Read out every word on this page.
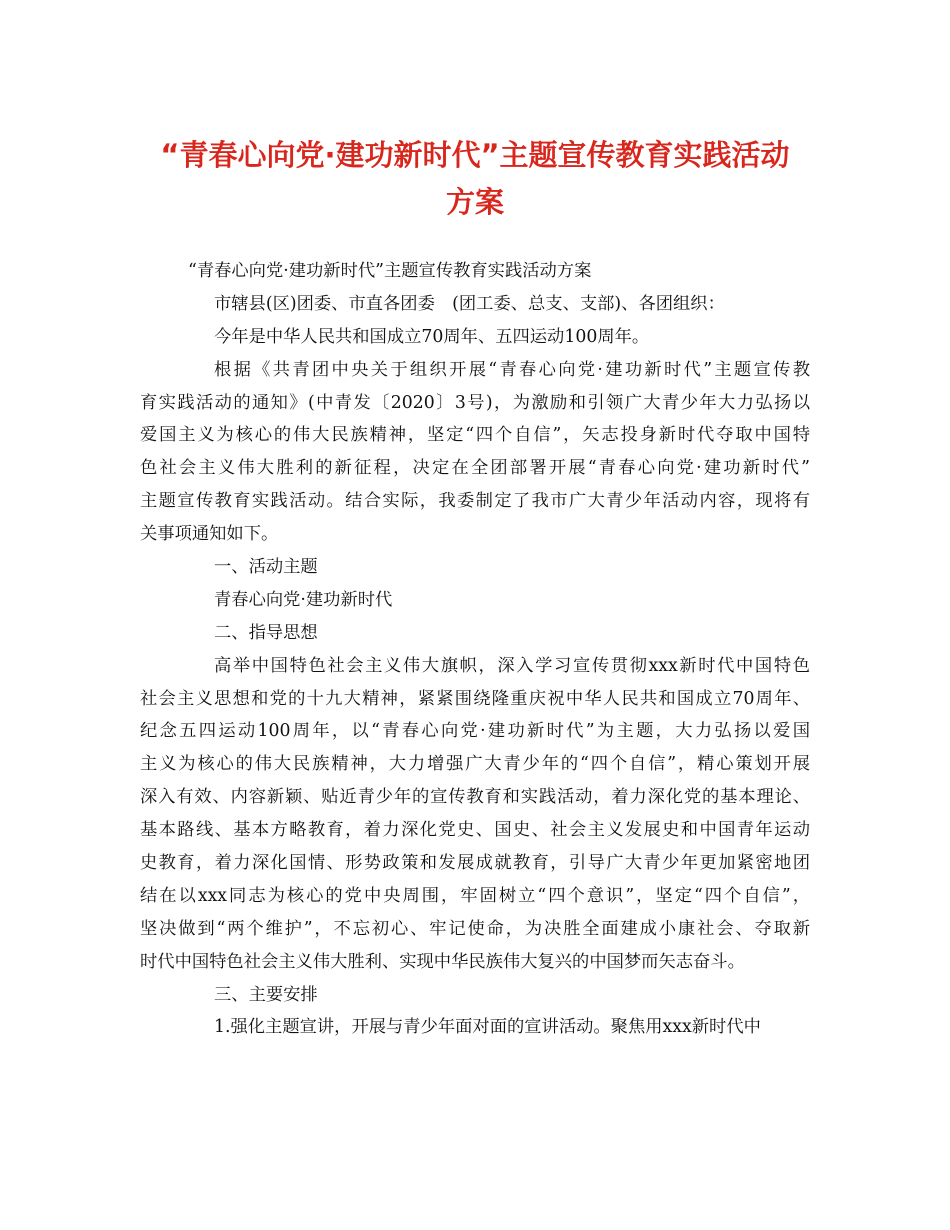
“青春心向党·建功新时代”主题宣传教育实践活动
方案
“青春心向党·建功新时代”主题宣传教育实践活动方案
市辖县(区)团委、市直各团委　(团工委、总支、支部)、各团组织：
今年是中华人民共和国成立70周年、五四运动100周年。
根据《共青团中央关于组织开展“青春心向党·建功新时代”主题宣传教
育实践活动的通知》(中青发〔2020〕3号)，为激励和引领广大青少年大力弘扬以
爱国主义为核心的伟大民族精神，坚定“四个自信”，矢志投身新时代夺取中国特
色社会主义伟大胜利的新征程，决定在全团部署开展“青春心向党·建功新时代”
主题宣传教育实践活动。结合实际，我委制定了我市广大青少年活动内容，现将有
关事项通知如下。
一、活动主题
青春心向党·建功新时代
二、指导思想
高举中国特色社会主义伟大旗帜，深入学习宣传贯彻xxx新时代中国特色
社会主义思想和党的十九大精神，紧紧围绕隆重庆祝中华人民共和国成立70周年、
纪念五四运动100周年，以“青春心向党·建功新时代”为主题，大力弘扬以爱国
主义为核心的伟大民族精神，大力增强广大青少年的“四个自信”，精心策划开展
深入有效、内容新颖、贴近青少年的宣传教育和实践活动，着力深化党的基本理论、
基本路线、基本方略教育，着力深化党史、国史、社会主义发展史和中国青年运动
史教育，着力深化国情、形势政策和发展成就教育，引导广大青少年更加紧密地团
结在以xxx同志为核心的党中央周围，牢固树立“四个意识”，坚定“四个自信”，
坚决做到“两个维护”，不忘初心、牢记使命，为决胜全面建成小康社会、夺取新
时代中国特色社会主义伟大胜利、实现中华民族伟大复兴的中国梦而矢志奋斗。
三、主要安排
1.强化主题宣讲，开展与青少年面对面的宣讲活动。聚焦用xxx新时代中
